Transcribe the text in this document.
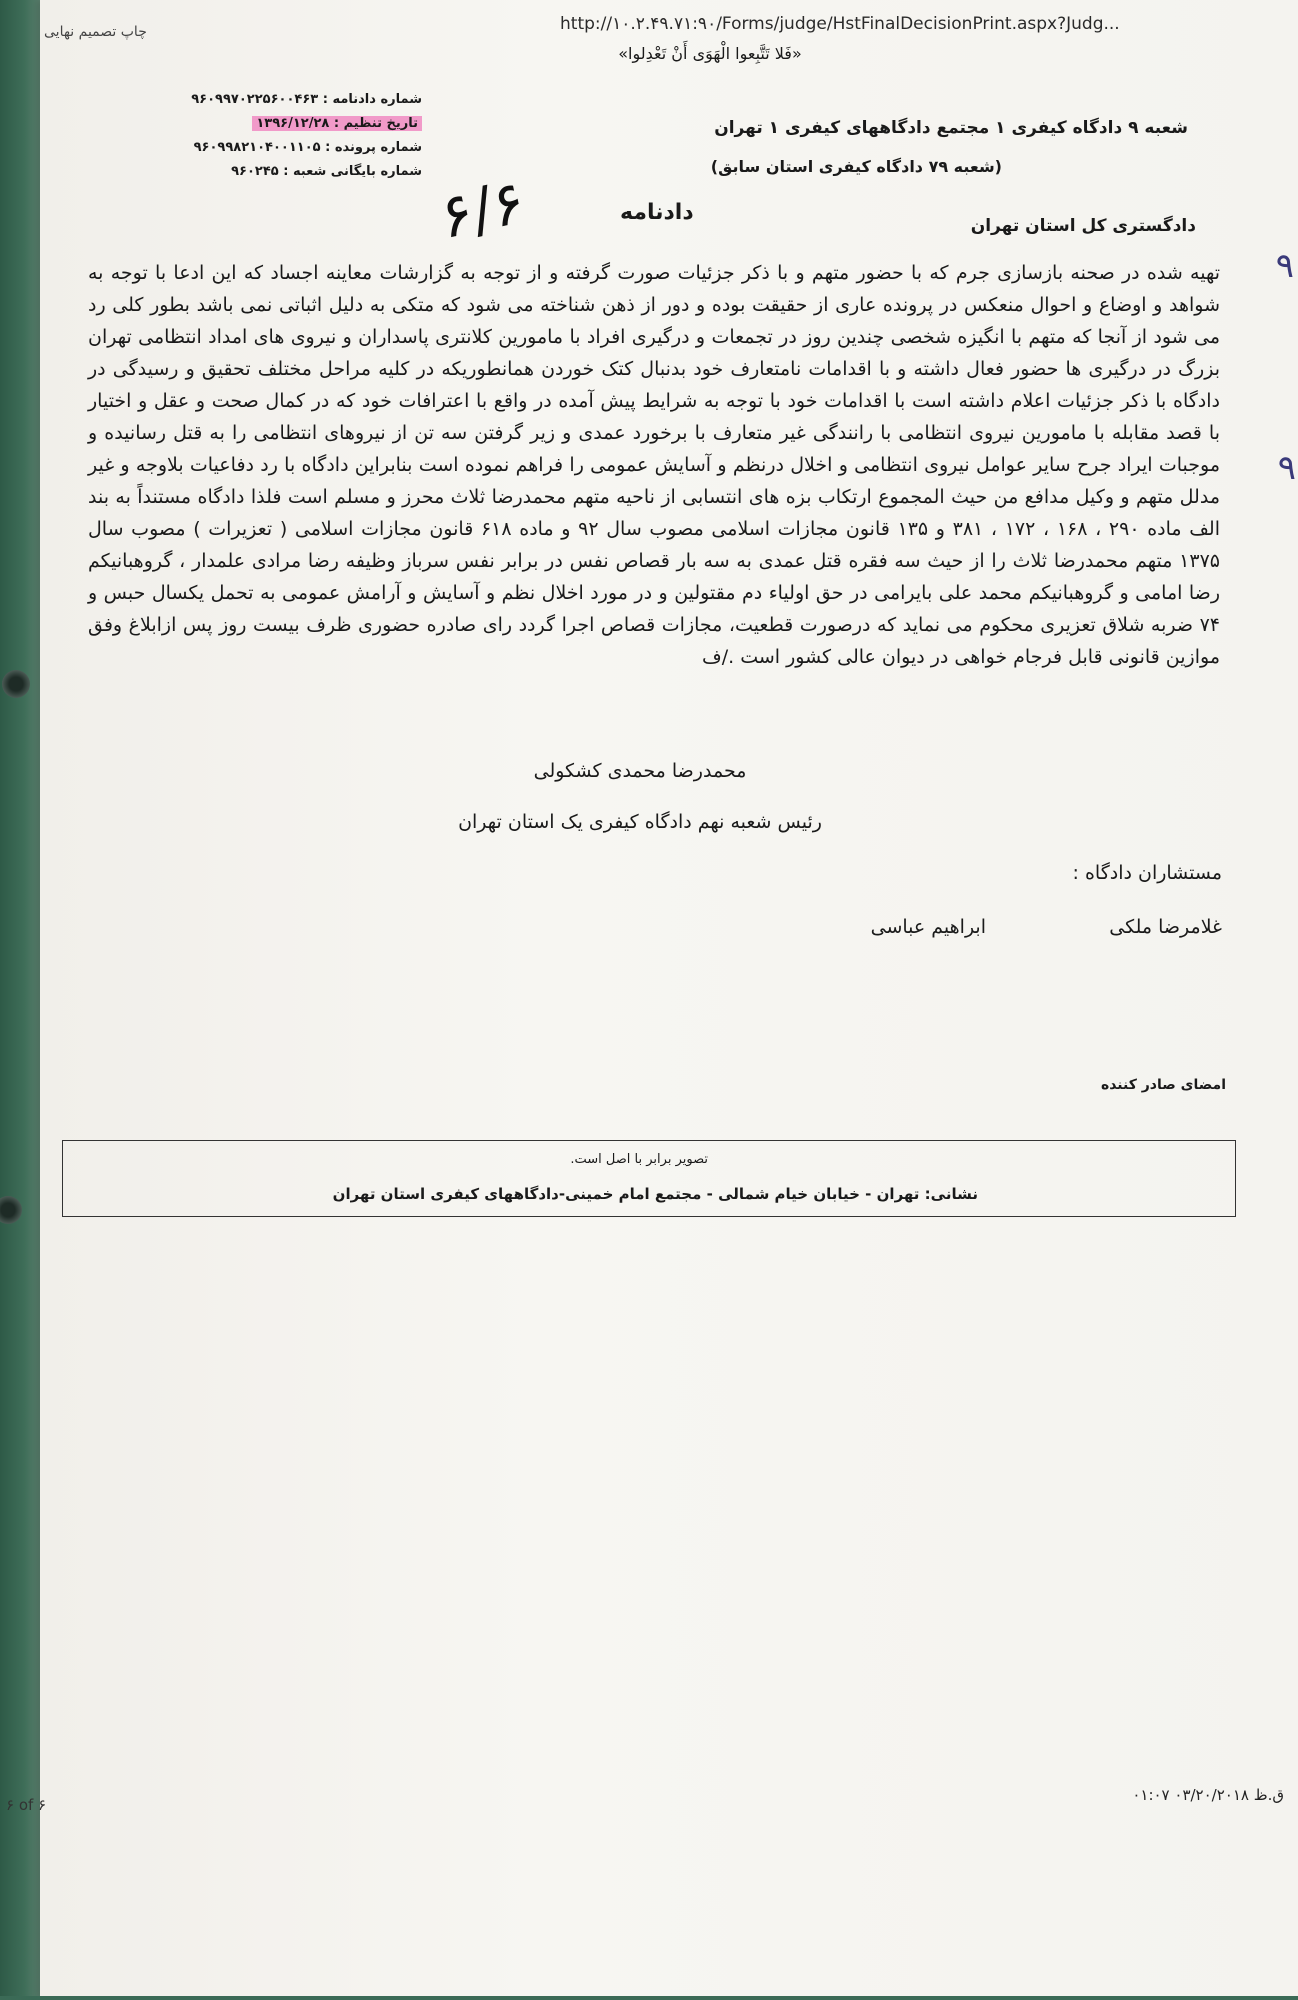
http://۱۰.۲.۴۹.۷۱:۹۰/Forms/judge/HstFinalDecisionPrint.aspx?Judg...
چاپ تصمیم نهایی
«فَلا تَتَّبِعوا الْهَوَى أَنْ تَعْدِلوا»
شماره دادنامه : ۹۶۰۹۹۷۰۲۲۵۶۰۰۴۶۳
تاریخ تنظیم : ۱۳۹۶/۱۲/۲۸
شماره پرونده : ۹۶۰۹۹۸۲۱۰۴۰۰۱۱۰۵
شماره بایگانی شعبه : ۹۶۰۲۴۵
شعبه ۹ دادگاه کیفری ۱ مجتمع دادگاههای کیفری ۱ تهران
(شعبه ۷۹ دادگاه کیفری استان سابق)
۶/۶	دادنامه
دادگستری کل استان تهران
۹
۹
تهیه شده در صحنه بازسازی جرم که با حضور متهم و با ذکر جزئیات صورت گرفته و از توجه به گزارشات معاینه اجساد که این ادعا با توجه به شواهد و اوضاع و احوال منعکس در پرونده عاری از حقیقت بوده و دور از ذهن شناخته می شود که متکی به دلیل اثباتی نمی باشد بطور کلی رد می شود از آنجا که متهم با انگیزه شخصی چندین روز در تجمعات و درگیری افراد با مامورین کلانتری پاسداران و نیروی های امداد انتظامی تهران بزرگ در درگیری ها حضور فعال داشته و با اقدامات نامتعارف خود بدنبال کتک خوردن همانطوریکه در کلیه مراحل مختلف تحقیق و رسیدگی در دادگاه با ذکر جزئیات اعلام داشته است با اقدامات خود با توجه به شرایط پیش آمده در واقع با اعترافات خود که در کمال صحت و عقل و اختیار با قصد مقابله با مامورین نیروی انتظامی با رانندگی غیر متعارف با برخورد عمدی و زیر گرفتن سه تن از نیروهای انتظامی را به قتل رسانیده و موجبات ایراد جرح سایر عوامل نیروی انتظامی و اخلال درنظم و آسایش عمومی را فراهم نموده است بنابراین دادگاه با رد دفاعیات بلاوجه و غیر مدلل متهم و وکیل مدافع من حیث المجموع ارتکاب بزه های انتسابی از ناحیه متهم محمدرضا ثلاث محرز و مسلم است فلذا دادگاه مستنداً به بند الف ماده ۲۹۰ ، ۱۶۸ ، ۱۷۲ ، ۳۸۱ و ۱۳۵ قانون مجازات اسلامی مصوب سال ۹۲ و ماده ۶۱۸ قانون مجازات اسلامی ( تعزیرات ) مصوب سال ۱۳۷۵ متهم محمدرضا ثلاث را از حیث سه فقره قتل عمدی به سه بار قصاص نفس در برابر نفس سرباز وظیفه رضا مرادی علمدار ، گروهبانیکم رضا امامی و گروهبانیکم محمد علی بایرامی در حق اولیاء دم مقتولین و در مورد اخلال نظم و آسایش و آرامش عمومی به تحمل یکسال حبس و ۷۴ ضربه شلاق تعزیری محکوم می نماید که درصورت قطعیت، مجازات قصاص اجرا گردد رای صادره حضوری ظرف بیست روز پس ازابلاغ وفق موازین قانونی قابل فرجام خواهی در دیوان عالی کشور است ./ف
محمدرضا محمدی کشکولی
رئیس شعبه نهم دادگاه کیفری یک استان تهران
مستشاران دادگاه :
غلامرضا ملکی
ابراهیم عباسی
امضای صادر کننده
تصویر برابر با اصل است.
نشانی: تهران - خیابان خیام شمالی - مجتمع امام خمینی-دادگاههای کیفری استان تهران
۶ of ۶
ق.ظ ۰۳/۲۰/۲۰۱۸ ۰۱:۰۷
